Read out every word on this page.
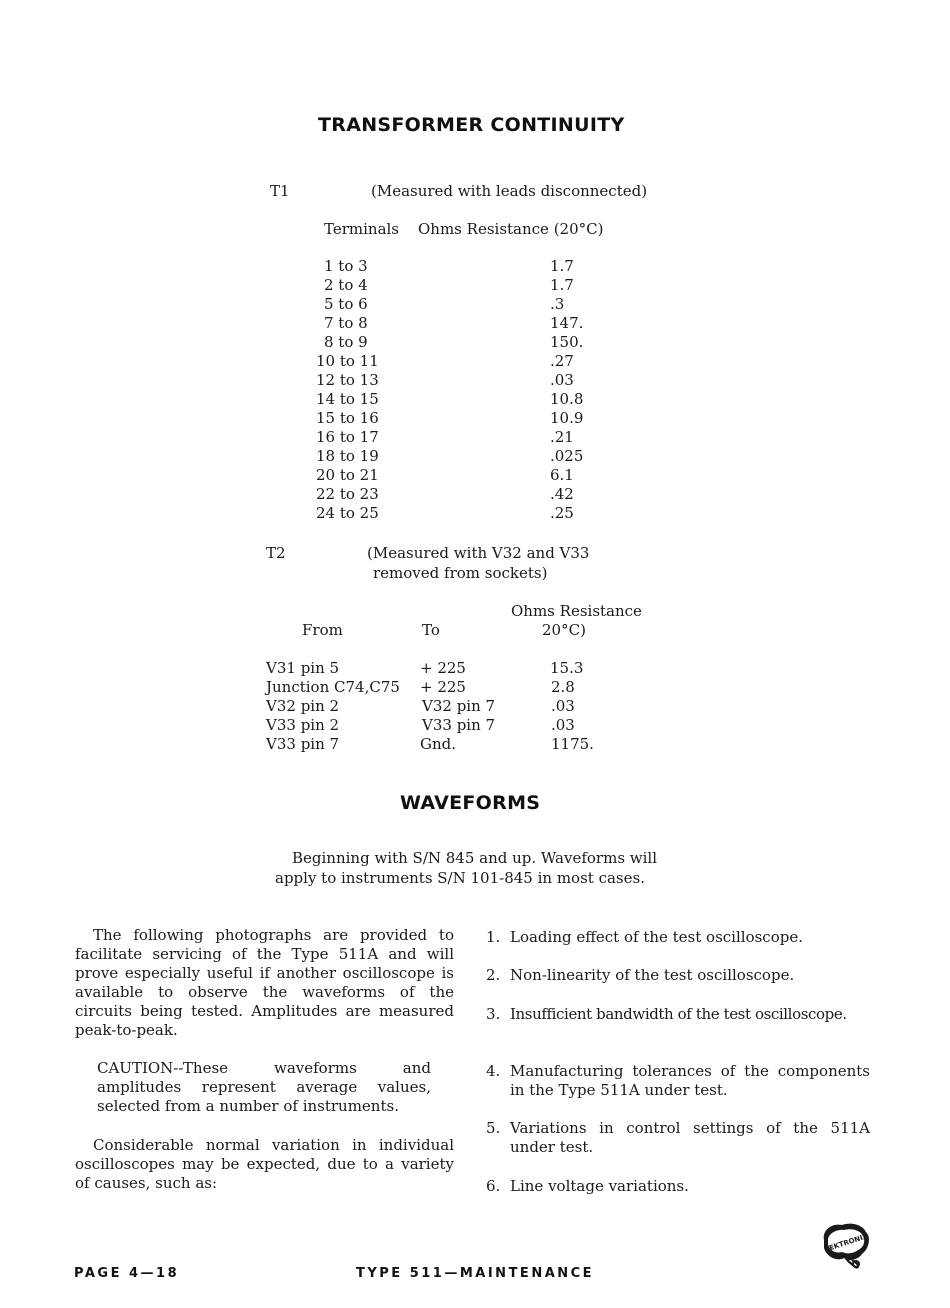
TRANSFORMER CONTINUITY
T1	(Measured with leads disconnected)
Terminals Ohms Resistance (20°C)
1 to 3	1.7
2 to 4	1.7
5 to 6	.3
7 to 8	147.
8 to 9	150.
10 to 11	.27
12 to 13	.03
14 to 15	10.8
15 to 16	10.9
16 to 17	.21
18 to 19	.025
20 to 21	6.1
22 to 23	.42
24 to 25	.25
T2	(Measured with V32 and V33
removed from sockets)
Ohms Resistance
From	To	20°C)
V31 pin 5	+ 225	15.3
Junction C74,C75 + 225	2.8
V32 pin 2	V32 pin 7	.03
V33 pin 2	V33 pin 7	.03
V33 pin 7	Gnd.	1175.
WAVEFORMS
Beginning with S/N 845 and up. Waveforms will
apply to instruments S/N 101-845 in most cases.
The following photographs are provided to facilitate servicing of the Type 511A and will prove especially useful if another oscilloscope is available to observe the waveforms of the circuits being tested. Amplitudes are measured peak-to-peak.
CAUTION--These waveforms and amplitudes represent average values, selected from a number of instruments.
Considerable normal variation in individual oscilloscopes may be expected, due to a variety of causes, such as:
1. Loading effect of the test oscilloscope.
2. Non-linearity of the test oscilloscope.
3. Insufficient bandwidth of the test oscilloscope.
4. Manufacturing tolerances of the components in the Type 511A under test.
5. Variations in control settings of the 511A under test.
6. Line voltage variations.
TEKTRONIX
PAGE 4—18	TYPE 511—MAINTENANCE
